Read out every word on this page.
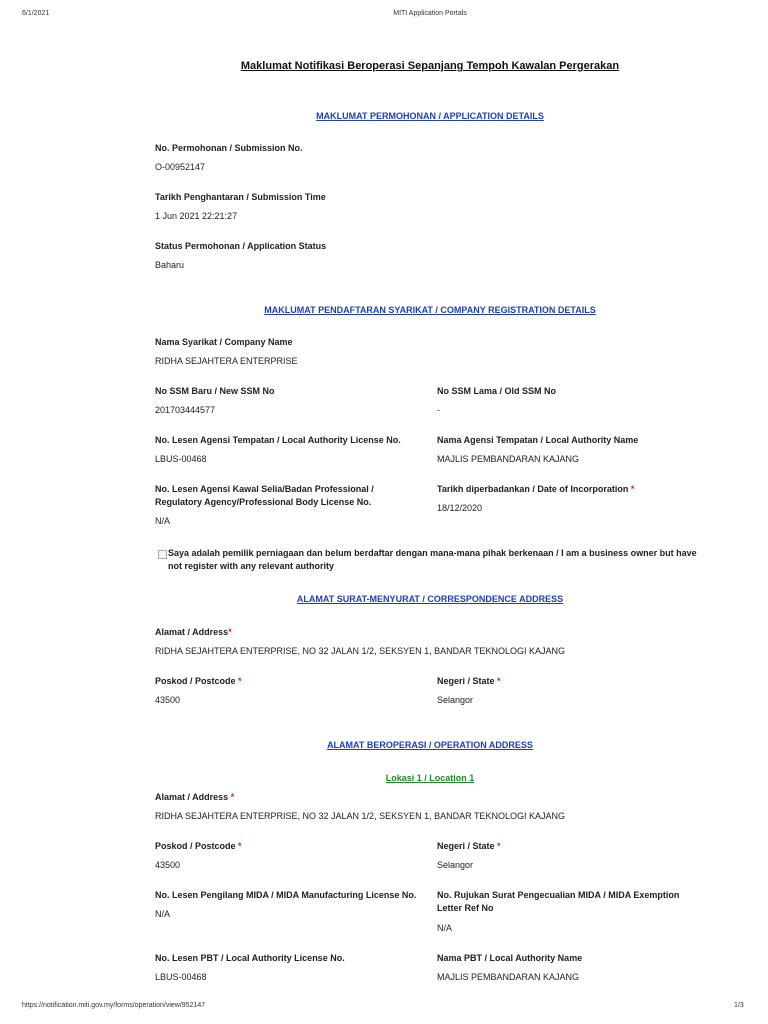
6/1/2021	MITI Application Portals
Maklumat Notifikasi Beroperasi Sepanjang Tempoh Kawalan Pergerakan
MAKLUMAT PERMOHONAN / APPLICATION DETAILS
No. Permohonan / Submission No.
O-00952147
Tarikh Penghantaran / Submission Time
1 Jun 2021 22:21:27
Status Permohonan / Application Status
Baharu
MAKLUMAT PENDAFTARAN SYARIKAT / COMPANY REGISTRATION DETAILS
Nama Syarikat / Company Name
RIDHA SEJAHTERA ENTERPRISE
No SSM Baru / New SSM No
201703444577
No SSM Lama / Old SSM No
-
No. Lesen Agensi Tempatan / Local Authority License No.
LBUS-00468
Nama Agensi Tempatan / Local Authority Name
MAJLIS PEMBANDARAN KAJANG
No. Lesen Agensi Kawal Selia/Badan Professional /
Regulatory Agency/Professional Body License No.
N/A
Tarikh diperbadankan / Date of Incorporation *
18/12/2020
Saya adalah pemilik perniagaan dan belum berdaftar dengan mana-mana pihak berkenaan / I am a business owner but have
not register with any relevant authority
ALAMAT SURAT-MENYURAT / CORRESPONDENCE ADDRESS
Alamat / Address*
RIDHA SEJAHTERA ENTERPRISE, NO 32 JALAN 1/2, SEKSYEN 1, BANDAR TEKNOLOGI KAJANG
Poskod / Postcode *
43500
Negeri / State *
Selangor
ALAMAT BEROPERASI / OPERATION ADDRESS
Lokasi 1 / Location 1
Alamat / Address *
RIDHA SEJAHTERA ENTERPRISE, NO 32 JALAN 1/2, SEKSYEN 1, BANDAR TEKNOLOGI KAJANG
Poskod / Postcode *
43500
Negeri / State *
Selangor
No. Lesen Pengilang MIDA / MIDA Manufacturing License No.
N/A
No. Rujukan Surat Pengecualian MIDA / MIDA Exemption
Letter Ref No
N/A
No. Lesen PBT / Local Authority License No.
LBUS-00468
Nama PBT / Local Authority Name
MAJLIS PEMBANDARAN KAJANG
https://notification.miti.gov.my/forms/operation/view/952147	1/3
